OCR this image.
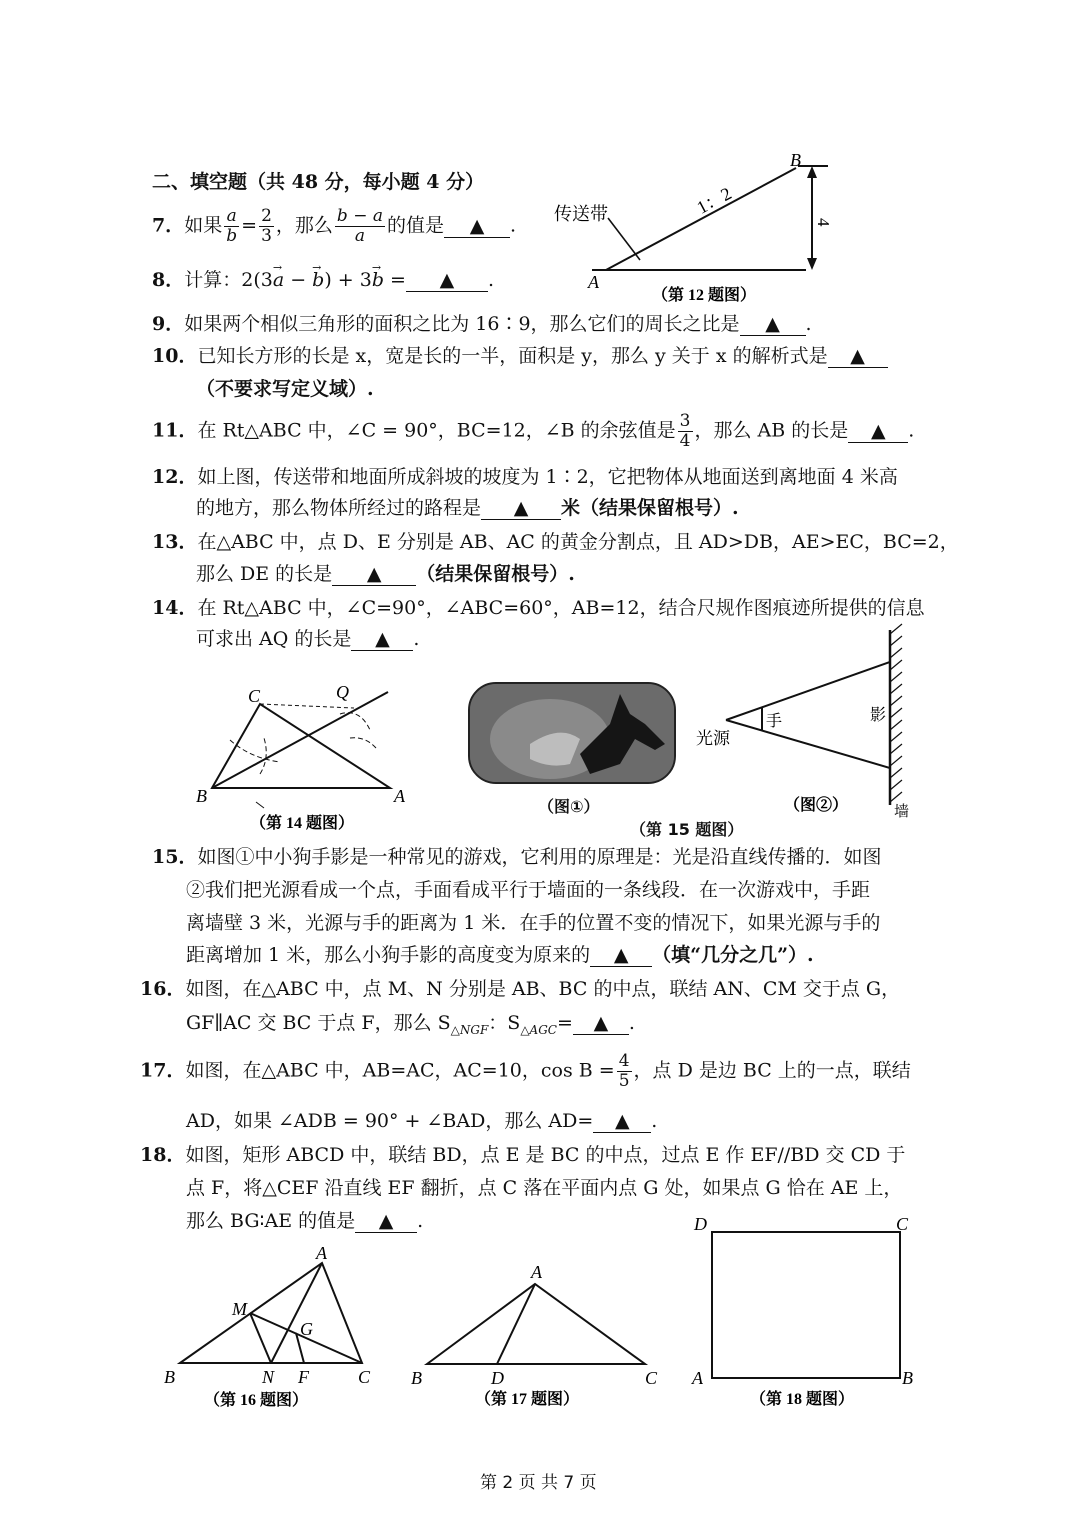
二、填空题（共 48 分，每小题 4 分）
7．如果 $\frac{a}{b} = \frac{2}{3}$ ，那么 $\frac{b - a}{a}$ 的值是 ▲ .
8．计算：2(3→ a − → b) + 3→ b = ▲ .
9．如果两个相似三角形的面积之比为 16∶9，那么它们的周长之比是 ▲ .
10．已知长方形的长是 x，宽是长的一半，面积是 y，那么 y 关于 x 的解析式是 ▲
（不要求写定义域）.
11．在 Rt△ABC 中，∠C = 90°，BC=12，∠B 的余弦值是 $\frac{3}{4}$ ，那么 AB 的长是 ▲ .
12．如上图，传送带和地面所成斜坡的坡度为 1∶2，它把物体从地面送到离地面 4 米高
的地方，那么物体所经过的路程是 ▲ 米（结果保留根号）.
13．在△ABC 中，点 D、E 分别是 AB、AC 的黄金分割点，且 AD>DB，AE>EC，BC=2，
那么 DE 的长是 ▲ （结果保留根号）.
14．在 Rt△ABC 中，∠C=90°，∠ABC=60°，AB=12，结合尺规作图痕迹所提供的信息
可求出 AQ 的长是 ▲ .
传送带	1：2
4
A
B
（第 12 题图）
C	Q
B	A
（第 14 题图）
（图①）
（第 15 题图）
光源
手	影
墙
（图②）
15．如图①中小狗手影是一种常见的游戏，它利用的原理是：光是沿直线传播的．如图
②我们把光源看成一个点，手面看成平行于墙面的一条线段．在一次游戏中，手距
离墙壁 3 米，光源与手的距离为 1 米．在手的位置不变的情况下，如果光源与手的
距离增加 1 米，那么小狗手影的高度变为原来的 ▲ （填“几分之几”）.
16．如图，在△ABC 中，点 M、N 分别是 AB、BC 的中点，联结 AN、CM 交于点 G，
GF∥AC 交 BC 于点 F，那么 $S_{\triangle NGF}$：$S_{\triangle AGC}=$ ▲ .
17．如图，在△ABC 中，AB=AC，AC=10，$\cos B = \frac{4}{5}$ ，点 D 是边 BC 上的一点，联结
AD，如果 ∠ADB = 90° + ∠BAD，那么 AD= ▲ .
18．如图，矩形 ABCD 中，联结 BD，点 E 是 BC 的中点，过点 E 作 EF//BD 交 CD 于
点 F，将△CEF 沿直线 EF 翻折，点 C 落在平面内点 G 处，如果点 G 恰在 AE 上，
那么 BG∶AE 的值是 ▲ .
A
M
G
B	N F	C
（第 16 题图）
A
B	D	C
（第 17 题图）
D	C
A	B
（第 18 题图）
第 2 页 共 7 页
